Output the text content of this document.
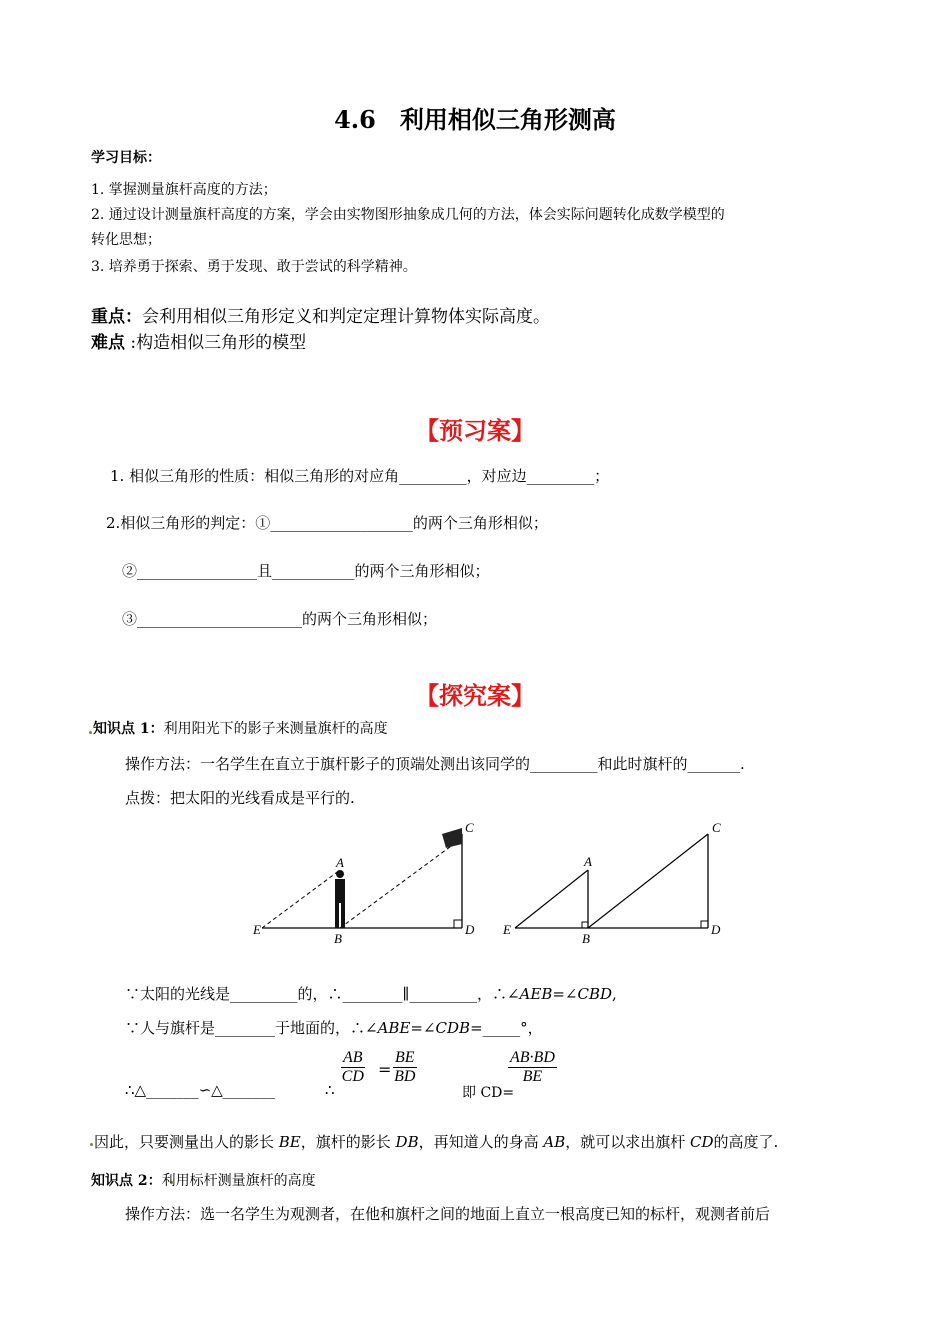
4.6　利用相似三角形测高
学习目标：
1. 掌握测量旗杆高度的方法；
2. 通过设计测量旗杆高度的方案，学会由实物图形抽象成几何的方法，体会实际问题转化成数学模型的
转化思想；
3. 培养勇于探索、勇于发现、敢于尝试的科学精神。
重点：会利用相似三角形定义和判定定理计算物体实际高度。
难点 :构造相似三角形的模型
【预习案】
1. 相似三角形的性质：相似三角形的对应角_________，对应边_________；
2.相似三角形的判定：①___________________的两个三角形相似；
②________________且___________的两个三角形相似；
③______________________的两个三角形相似；
【探究案】
知识点 1：利用阳光下的影子来测量旗杆的高度
操作方法：一名学生在直立于旗杆影子的顶端处测出该同学的_________和此时旗杆的_______.
点拨：把太阳的光线看成是平行的.
A
B
C
D
E
A
B
C
D
E
∵太阳的光线是_________的，∴________∥_________，∴∠AEB=∠CBD,
∵人与旗杆是________于地面的，∴∠ABE=∠CDB=_____°，
∴△_______∽△_______	∴
$\frac{AB}{CD} = \frac{BE}{BD}$
即 CD=
$\frac{AB\cdot BD}{BE}$
因此，只要测量出人的影长 BE，旗杆的影长 DB，再知道人的身高 AB，就可以求出旗杆 CD的高度了.
知识点 2：利用标杆测量旗杆的高度
操作方法：选一名学生为观测者，在他和旗杆之间的地面上直立一根高度已知的标杆，观测者前后
